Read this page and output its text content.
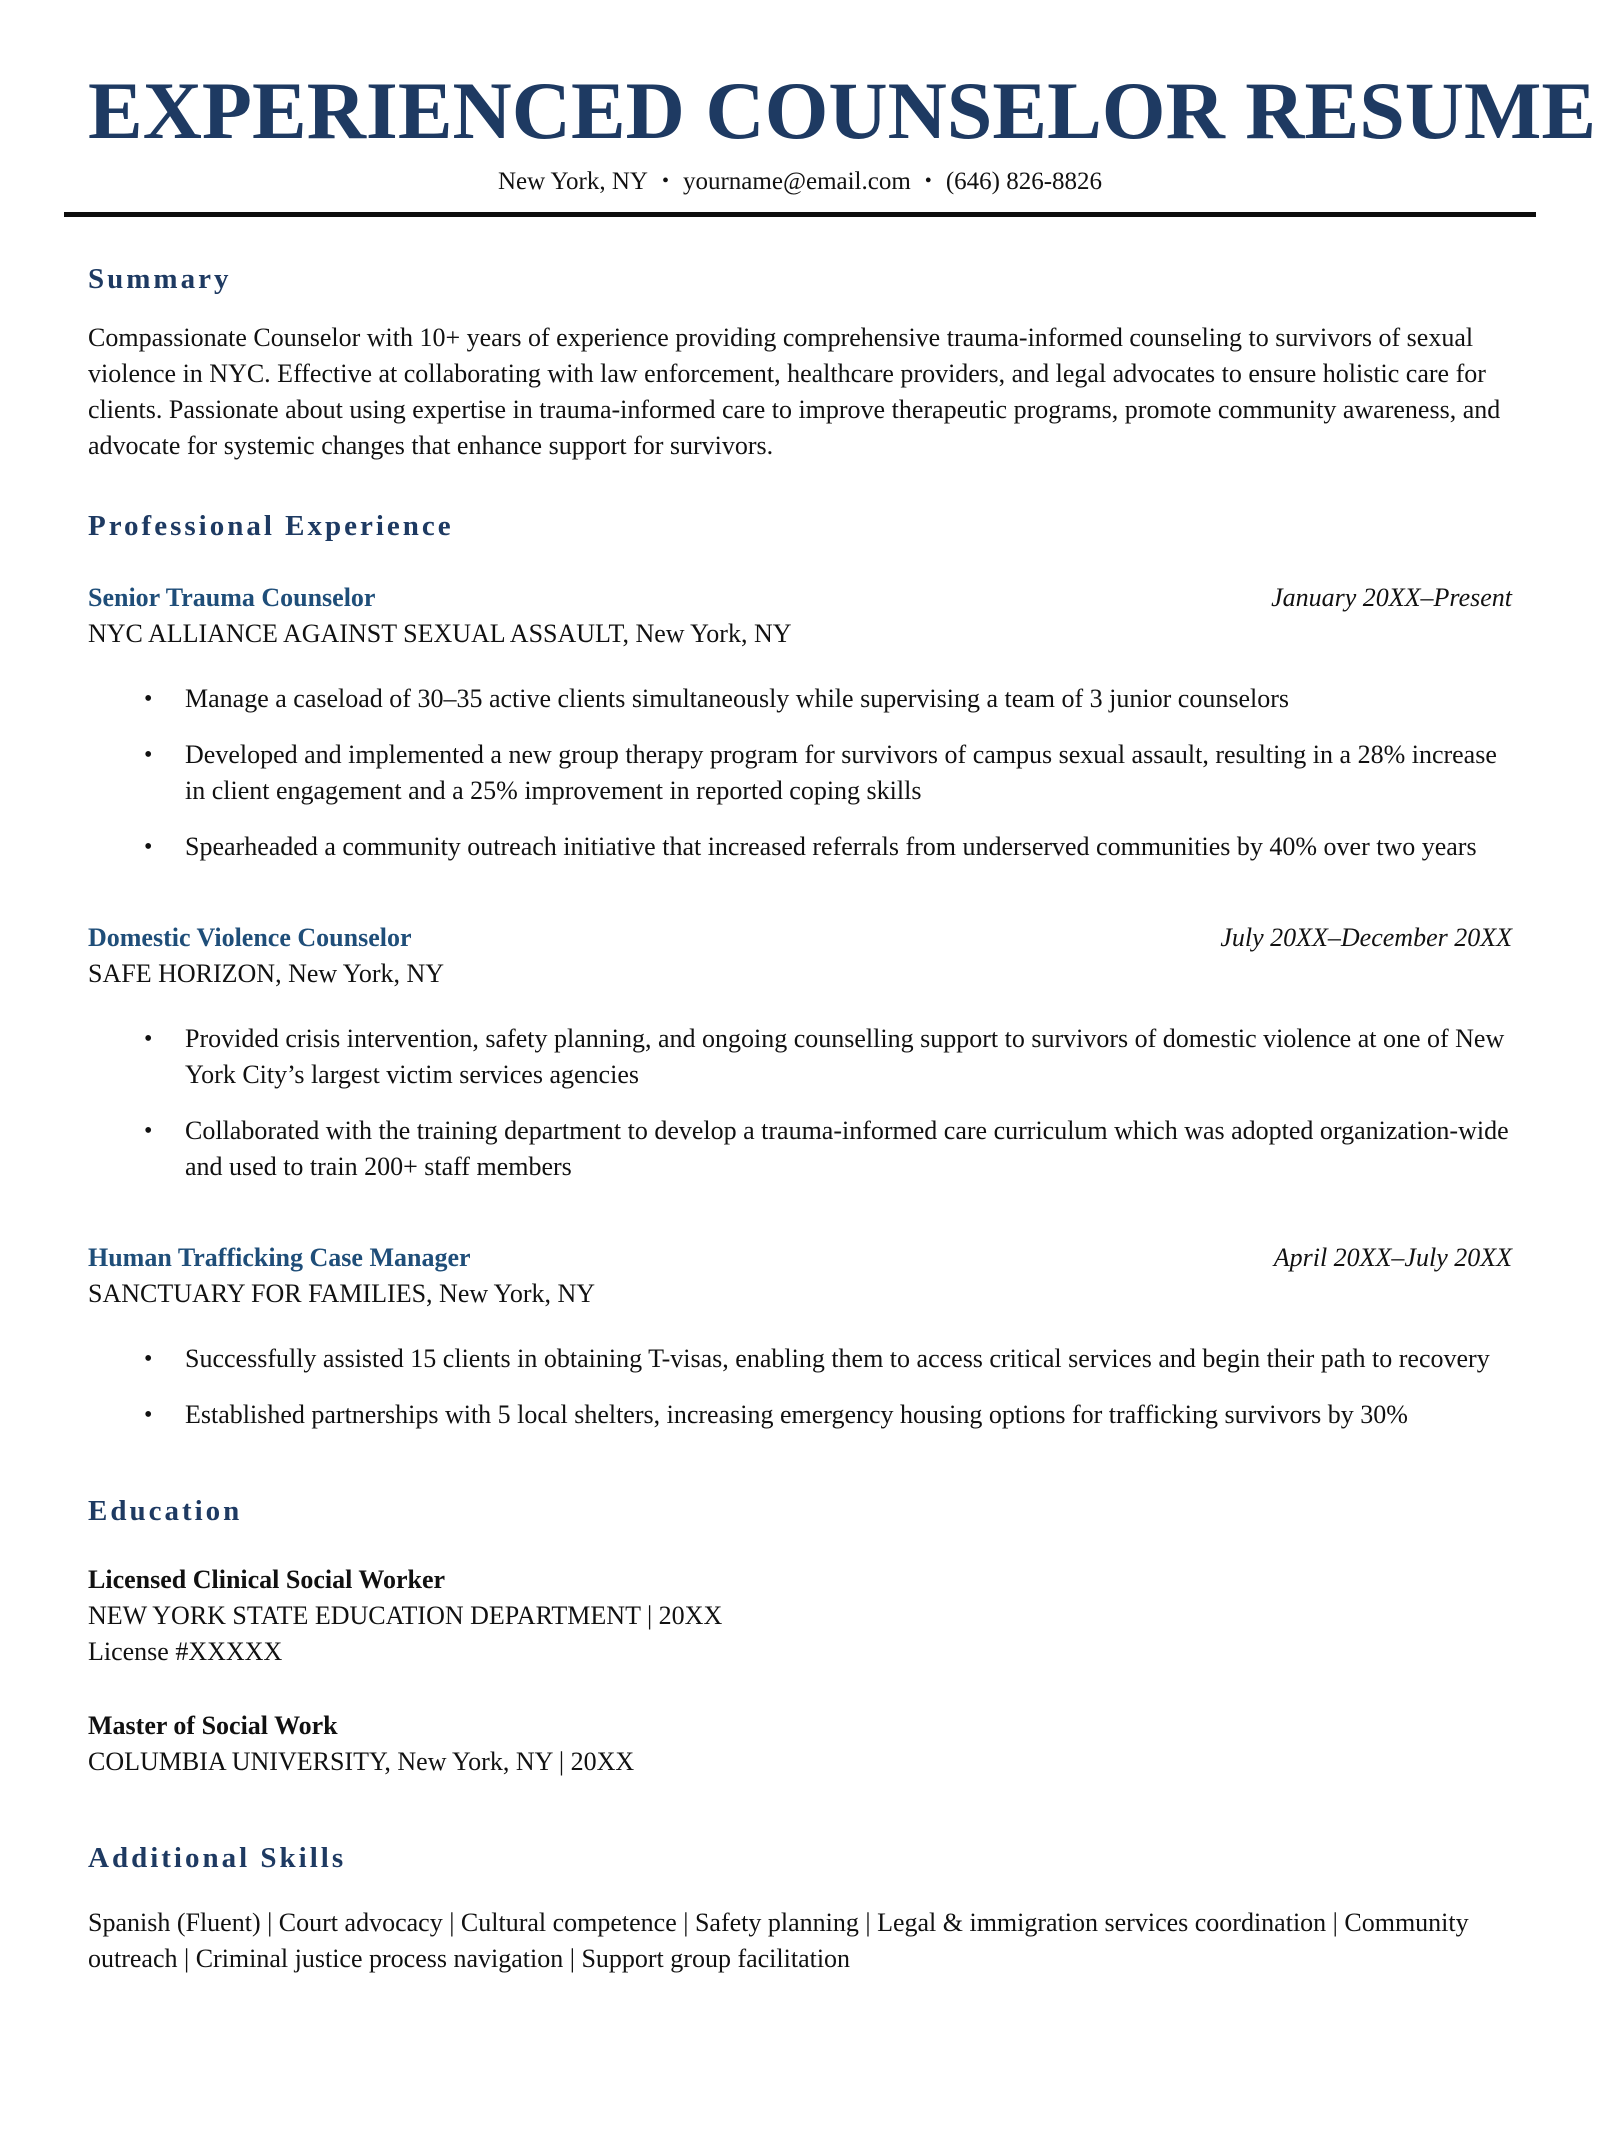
EXPERIENCED COUNSELOR RESUME
New York, NY • yourname@email.com • (646) 826-8826
Summary

Compassionate Counselor with 10+ years of experience providing comprehensive trauma-informed counseling to survivors of sexual violence in NYC. Effective at collaborating with law enforcement, healthcare providers, and legal advocates to ensure holistic care for clients. Passionate about using expertise in trauma-informed care to improve therapeutic programs, promote community awareness, and advocate for systemic changes that enhance support for survivors.

Professional Experience
Senior Trauma Counselor	January 20XX–Present
NYC ALLIANCE AGAINST SEXUAL ASSAULT, New York, NY
• Manage a caseload of 30–35 active clients simultaneously while supervising a team of 3 junior counselors
• Developed and implemented a new group therapy program for survivors of campus sexual assault, resulting in a 28% increase in client engagement and a 25% improvement in reported coping skills
• Spearheaded a community outreach initiative that increased referrals from underserved communities by 40% over two years
Domestic Violence Counselor	July 20XX–December 20XX
SAFE HORIZON, New York, NY
• Provided crisis intervention, safety planning, and ongoing counselling support to survivors of domestic violence at one of New York City’s largest victim services agencies
• Collaborated with the training department to develop a trauma-informed care curriculum which was adopted organization-wide and used to train 200+ staff members
Human Trafficking Case Manager	April 20XX–July 20XX
SANCTUARY FOR FAMILIES, New York, NY
• Successfully assisted 15 clients in obtaining T-visas, enabling them to access critical services and begin their path to recovery
• Established partnerships with 5 local shelters, increasing emergency housing options for trafficking survivors by 30%
Education
Licensed Clinical Social Worker
NEW YORK STATE EDUCATION DEPARTMENT | 20XX
License #XXXXX
Master of Social Work
COLUMBIA UNIVERSITY, New York, NY | 20XX
Additional Skills

Spanish (Fluent) | Court advocacy | Cultural competence | Safety planning | Legal & immigration services coordination | Community outreach | Criminal justice process navigation | Support group facilitation
